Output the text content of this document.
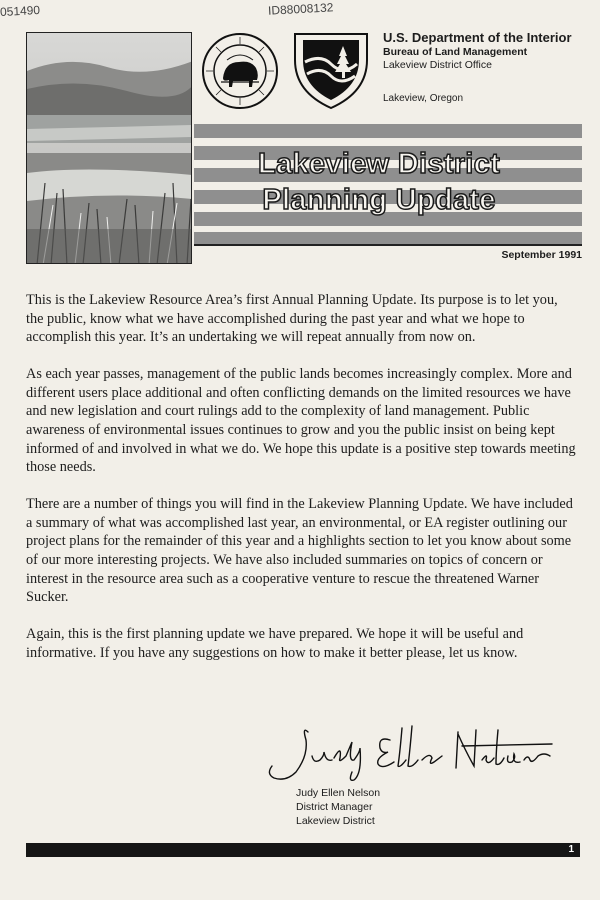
051490	ID88008132
U.S. Department of the Interior
Bureau of Land Management
Lakeview District Office
Lakeview, Oregon
Lakeview District
Planning Update
September 1991

This is the Lakeview Resource Area’s first Annual Planning Update. Its purpose is to let you, the public, know what we have accomplished during the past year and what we hope to accomplish this year. It’s an undertaking we will repeat annually from now on.

As each year passes, management of the public lands becomes increasingly complex. More and different users place additional and often conflicting demands on the limited resources we have and new legislation and court rulings add to the complexity of land management. Public awareness of environmental issues continues to grow and you the public insist on being kept informed of and involved in what we do. We hope this update is a positive step towards meeting those needs.

There are a number of things you will find in the Lakeview Planning Update. We have included a summary of what was accomplished last year, an environmental, or EA register outlining our project plans for the remainder of this year and a highlights section to let you know about some of our more interesting projects. We have also included summaries on topics of concern or interest in the resource area such as a cooperative venture to rescue the threatened Warner Sucker.

Again, this is the first planning update we have prepared. We hope it will be useful and informative. If you have any suggestions on how to make it better please, let us know.

Judy Ellen Nelson
District Manager
Lakeview District
1
